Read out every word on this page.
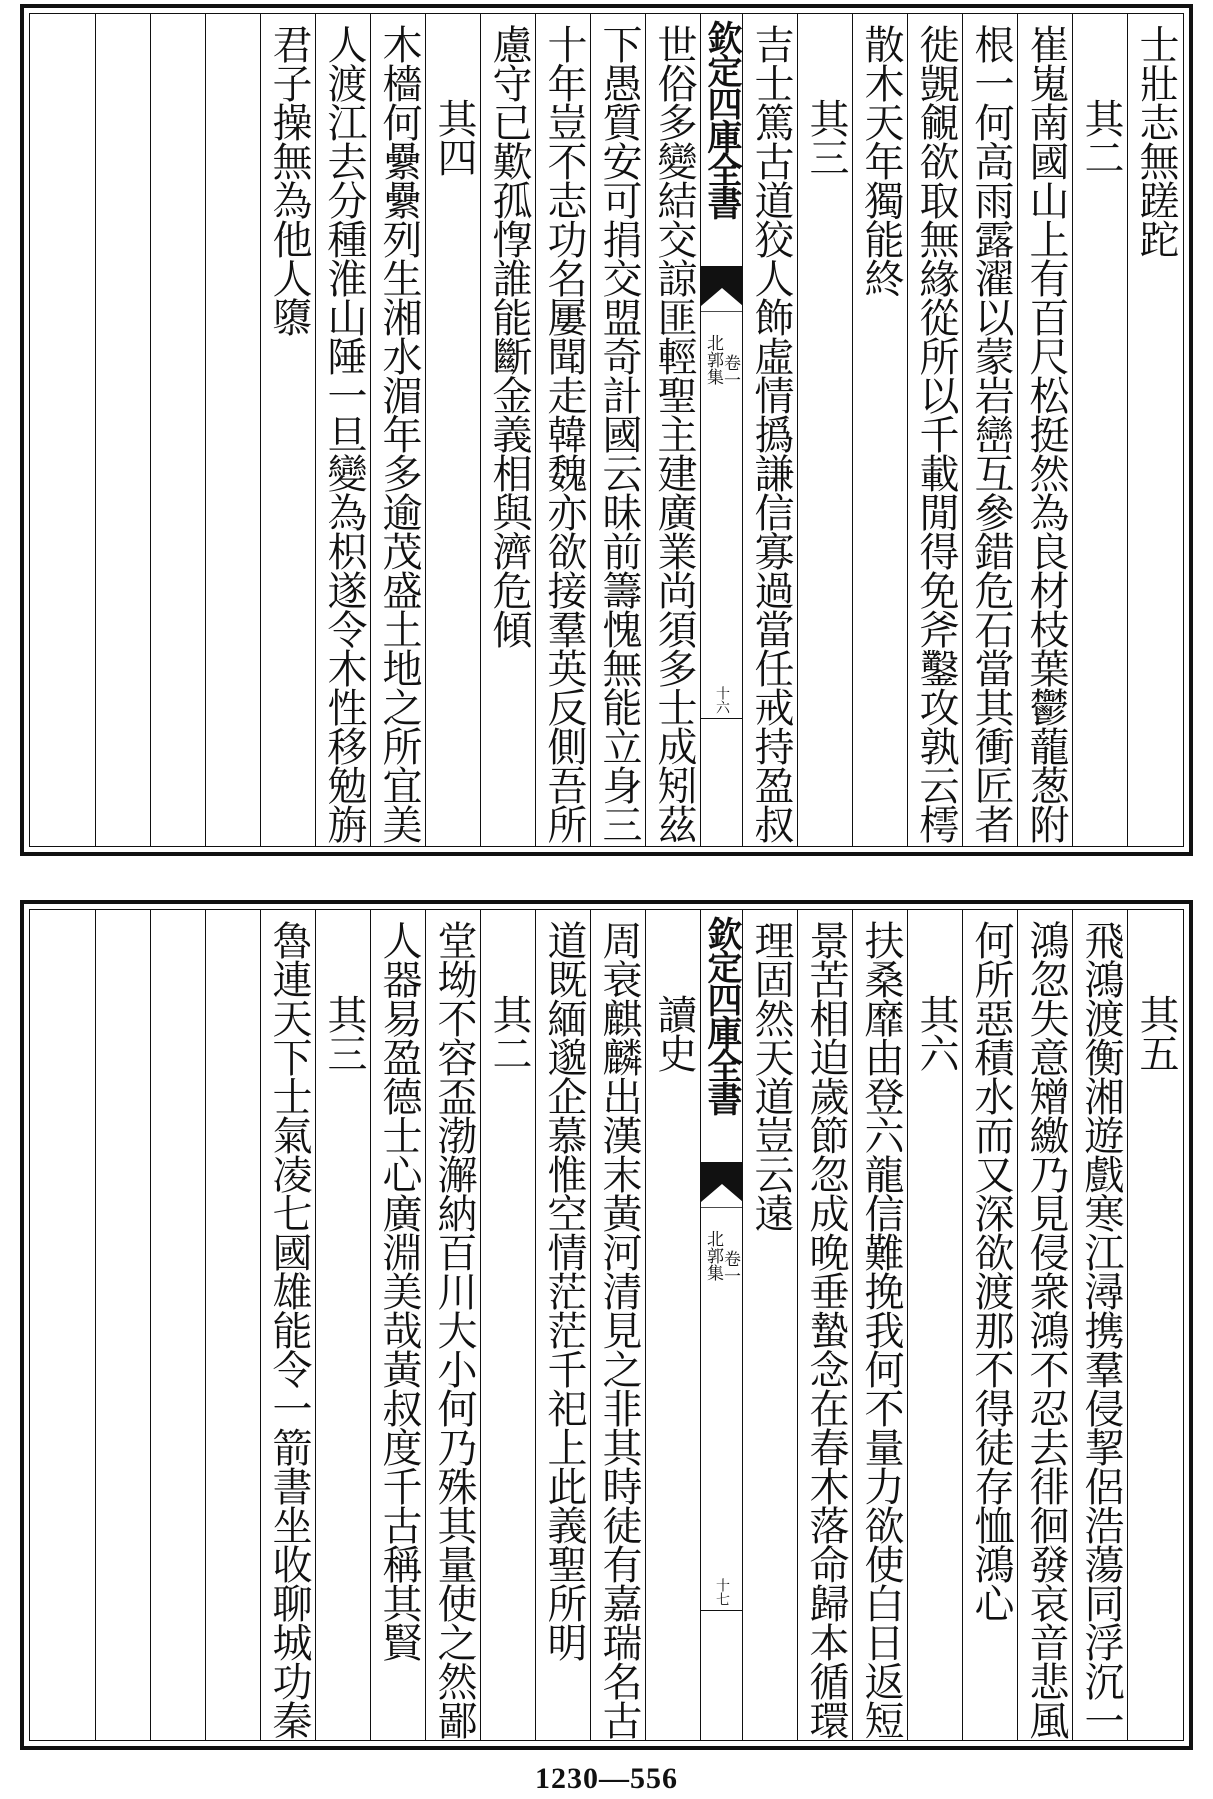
士壯志無蹉跎
其二
崔嵬南國山上有百尺松挺然為良材枝葉鬱蘢葱附
根一何高雨露濯以蒙岩巒互參錯危石當其衝匠者
徙覬覦欲取無緣從所以千載閒得免斧鑿攻孰云樗
散木天年獨能終
其三
吉士篤古道狡人飾虛情撝謙信寡過當任戒持盈叔
欽定四庫全書
北郭集
卷一
十六
世俗多變結交諒匪輕聖主建廣業尚須多士成矧茲
下愚質安可捐交盟奇計國云昧前籌愧無能立身三
十年豈不志功名屢聞走韓魏亦欲接羣英反側吾所
慮守已歎孤惸誰能斷金義相與濟危傾
其四
木檣何纍纍列生湘水湄年多逾茂盛土地之所宜美
人渡江去分種淮山陲一旦變為枳遂令木性移勉旃
君子操無為他人隳
其五
飛鴻渡衡湘遊戲寒江潯携羣侵挈侶浩蕩同浮沉一
鴻忽失意矰繳乃見侵衆鴻不忍去徘徊發哀音悲風
何所惡積水而又深欲渡那不得徒存恤鴻心
其六
扶桑靡由登六龍信難挽我何不量力欲使白日返短
景苦相迫歲節忽成晚垂蟄念在春木落命歸本循環
理固然天道豈云遠
欽定四庫全書
北郭集
卷一
十七
讀史
周衰麒麟出漢末黃河清見之非其時徒有嘉瑞名古
道既緬邈企慕惟空情茫茫千祀上此義聖所明
其二
堂坳不容盃渤澥納百川大小何乃殊其量使之然鄙
人器易盈德士心廣淵美哉黃叔度千古稱其賢
其三
魯連天下士氣凌七國雄能令一箭書坐收聊城功秦
1230—556
